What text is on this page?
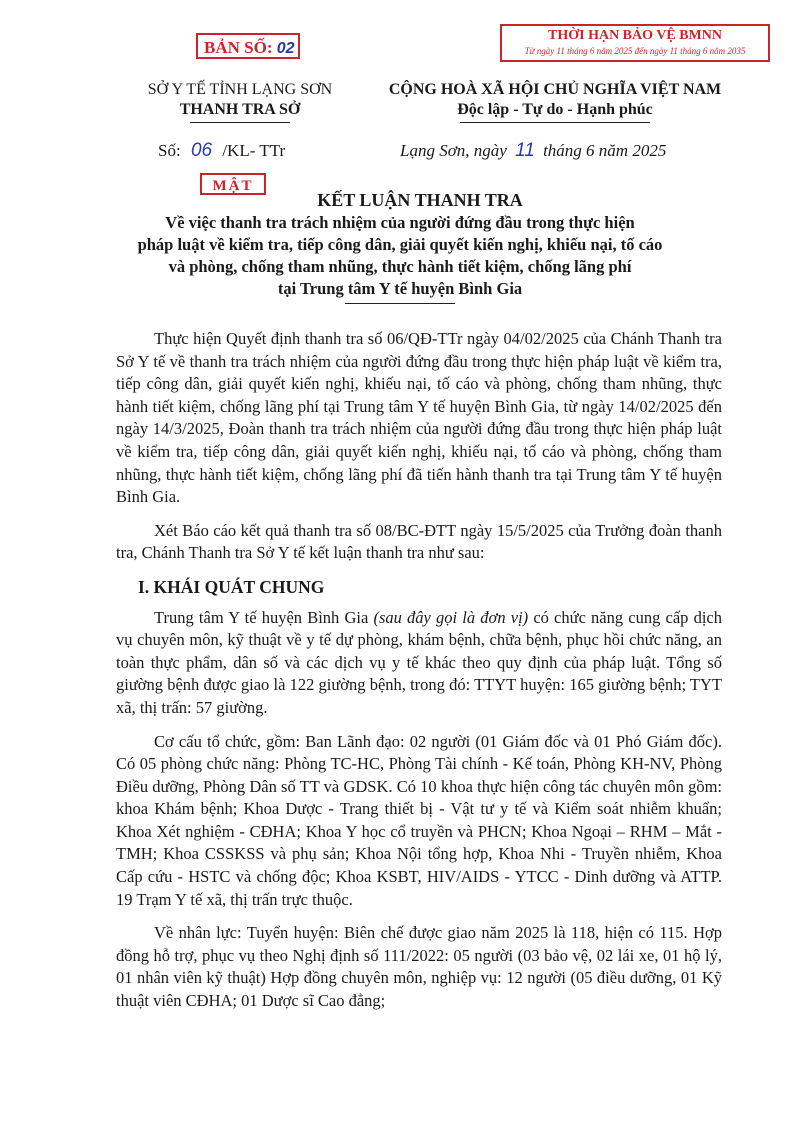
BẢN SỐ: 02
THỜI HẠN BẢO VỆ BMNN
Từ ngày 11 tháng 6 năm 2025 đến ngày 11 tháng 6 năm 2035
SỞ Y TẾ TỈNH LẠNG SƠN
THANH TRA SỞ
CỘNG HOÀ XÃ HỘI CHỦ NGHĨA VIỆT NAM
Độc lập - Tự do - Hạnh phúc
Số: 06 /KL- TTr	Lạng Sơn, ngày 11 tháng 6 năm 2025
MẬT
KẾT LUẬN THANH TRA
Về việc thanh tra trách nhiệm của người đứng đầu trong thực hiện
pháp luật về kiểm tra, tiếp công dân, giải quyết kiến nghị, khiếu nại, tố cáo
và phòng, chống tham nhũng, thực hành tiết kiệm, chống lãng phí
tại Trung tâm Y tế huyện Bình Gia

Thực hiện Quyết định thanh tra số 06/QĐ-TTr ngày 04/02/2025 của Chánh Thanh tra Sở Y tế về thanh tra trách nhiệm của người đứng đầu trong thực hiện pháp luật về kiểm tra, tiếp công dân, giải quyết kiến nghị, khiếu nại, tố cáo và phòng, chống tham nhũng, thực hành tiết kiệm, chống lãng phí tại Trung tâm Y tế huyện Bình Gia, từ ngày 14/02/2025 đến ngày 14/3/2025, Đoàn thanh tra trách nhiệm của người đứng đầu trong thực hiện pháp luật về kiểm tra, tiếp công dân, giải quyết kiến nghị, khiếu nại, tố cáo và phòng, chống tham nhũng, thực hành tiết kiệm, chống lãng phí đã tiến hành thanh tra tại Trung tâm Y tế huyện Bình Gia.

Xét Báo cáo kết quả thanh tra số 08/BC-ĐTT ngày 15/5/2025 của Trưởng đoàn thanh tra, Chánh Thanh tra Sở Y tế kết luận thanh tra như sau:

I. KHÁI QUÁT CHUNG

Trung tâm Y tế huyện Bình Gia (sau đây gọi là đơn vị) có chức năng cung cấp dịch vụ chuyên môn, kỹ thuật về y tế dự phòng, khám bệnh, chữa bệnh, phục hồi chức năng, an toàn thực phẩm, dân số và các dịch vụ y tế khác theo quy định của pháp luật. Tổng số giường bệnh được giao là 122 giường bệnh, trong đó: TTYT huyện: 165 giường bệnh; TYT xã, thị trấn: 57 giường.

Cơ cấu tổ chức, gồm: Ban Lãnh đạo: 02 người (01 Giám đốc và 01 Phó Giám đốc). Có 05 phòng chức năng: Phòng TC-HC, Phòng Tài chính - Kế toán, Phòng KH-NV, Phòng Điều dưỡng, Phòng Dân số TT và GDSK. Có 10 khoa thực hiện công tác chuyên môn gồm: khoa Khám bệnh; Khoa Dược - Trang thiết bị - Vật tư y tế và Kiểm soát nhiễm khuẩn; Khoa Xét nghiệm - CĐHA; Khoa Y học cổ truyền và PHCN; Khoa Ngoại – RHM – Mắt - TMH; Khoa CSSKSS và phụ sản; Khoa Nội tổng hợp, Khoa Nhi - Truyền nhiễm, Khoa Cấp cứu - HSTC và chống độc; Khoa KSBT, HIV/AIDS - YTCC - Dinh dưỡng và ATTP. 19 Trạm Y tế xã, thị trấn trực thuộc.

Về nhân lực: Tuyển huyện: Biên chế được giao năm 2025 là 118, hiện có 115. Hợp đồng hỗ trợ, phục vụ theo Nghị định số 111/2022: 05 người (03 bảo vệ, 02 lái xe, 01 hộ lý, 01 nhân viên kỹ thuật) Hợp đồng chuyên môn, nghiệp vụ: 12 người (05 điều dưỡng, 01 Kỹ thuật viên CĐHA; 01 Dược sĩ Cao đẳng;
